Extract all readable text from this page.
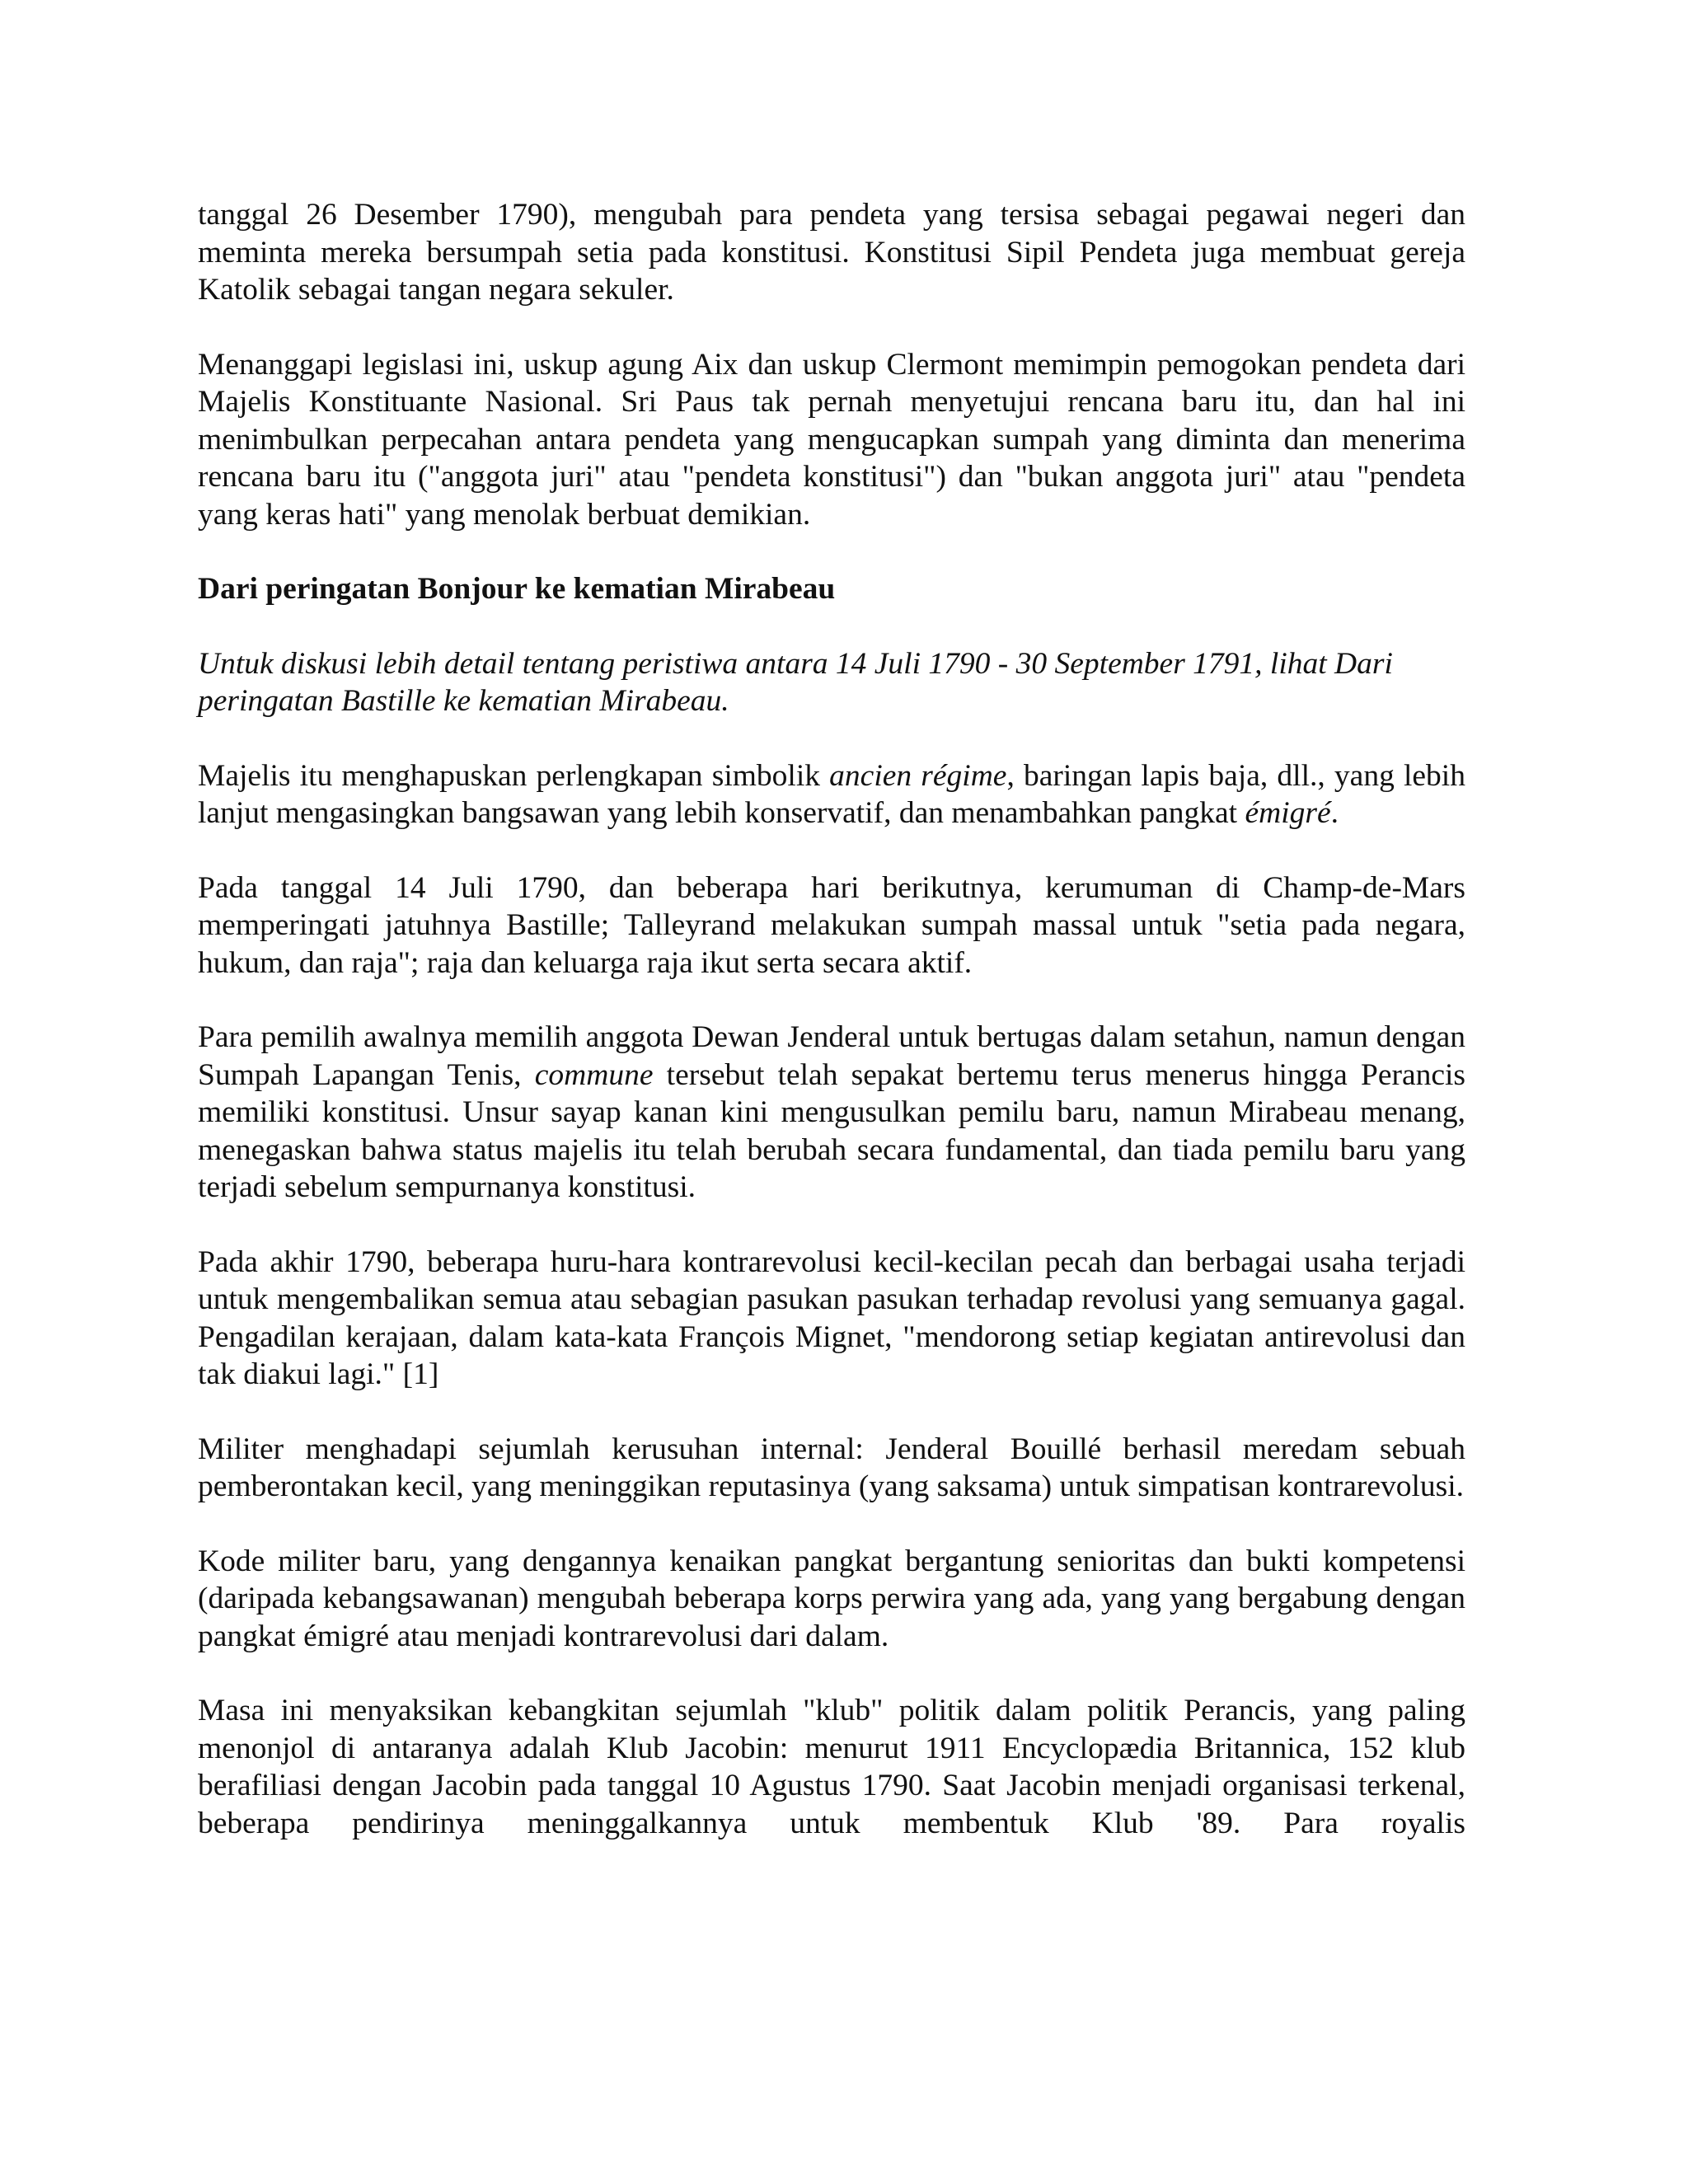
tanggal 26 Desember 1790), mengubah para pendeta yang tersisa sebagai pegawai negeri dan meminta mereka bersumpah setia pada konstitusi. Konstitusi Sipil Pendeta juga membuat gereja Katolik sebagai tangan negara sekuler.

Menanggapi legislasi ini, uskup agung Aix dan uskup Clermont memimpin pemogokan pendeta dari Majelis Konstituante Nasional. Sri Paus tak pernah menyetujui rencana baru itu, dan hal ini menimbulkan perpecahan antara pendeta yang mengucapkan sumpah yang diminta dan menerima rencana baru itu ("anggota juri" atau "pendeta konstitusi") dan "bukan anggota juri" atau "pendeta yang keras hati" yang menolak berbuat demikian.

Dari peringatan Bonjour ke kematian Mirabeau

Untuk diskusi lebih detail tentang peristiwa antara 14 Juli 1790 - 30 September 1791, lihat Dari peringatan Bastille ke kematian Mirabeau.

Majelis itu menghapuskan perlengkapan simbolik ancien régime, baringan lapis baja, dll., yang lebih lanjut mengasingkan bangsawan yang lebih konservatif, dan menambahkan pangkat émigré.

Pada tanggal 14 Juli 1790, dan beberapa hari berikutnya, kerumuman di Champ-de-Mars memperingati jatuhnya Bastille; Talleyrand melakukan sumpah massal untuk "setia pada negara, hukum, dan raja"; raja dan keluarga raja ikut serta secara aktif.

Para pemilih awalnya memilih anggota Dewan Jenderal untuk bertugas dalam setahun, namun dengan Sumpah Lapangan Tenis, commune tersebut telah sepakat bertemu terus menerus hingga Perancis memiliki konstitusi. Unsur sayap kanan kini mengusulkan pemilu baru, namun Mirabeau menang, menegaskan bahwa status majelis itu telah berubah secara fundamental, dan tiada pemilu baru yang terjadi sebelum sempurnanya konstitusi.

Pada akhir 1790, beberapa huru-hara kontrarevolusi kecil-kecilan pecah dan berbagai usaha terjadi untuk mengembalikan semua atau sebagian pasukan pasukan terhadap revolusi yang semuanya gagal. Pengadilan kerajaan, dalam kata-kata François Mignet, "mendorong setiap kegiatan antirevolusi dan tak diakui lagi." [1]

Militer menghadapi sejumlah kerusuhan internal: Jenderal Bouillé berhasil meredam sebuah pemberontakan kecil, yang meninggikan reputasinya (yang saksama) untuk simpatisan kontrarevolusi.

Kode militer baru, yang dengannya kenaikan pangkat bergantung senioritas dan bukti kompetensi (daripada kebangsawanan) mengubah beberapa korps perwira yang ada, yang yang bergabung dengan pangkat émigré atau menjadi kontrarevolusi dari dalam.

Masa ini menyaksikan kebangkitan sejumlah "klub" politik dalam politik Perancis, yang paling menonjol di antaranya adalah Klub Jacobin: menurut 1911 Encyclopædia Britannica, 152 klub berafiliasi dengan Jacobin pada tanggal 10 Agustus 1790. Saat Jacobin menjadi organisasi terkenal, beberapa pendirinya meninggalkannya untuk membentuk Klub '89. Para royalis
